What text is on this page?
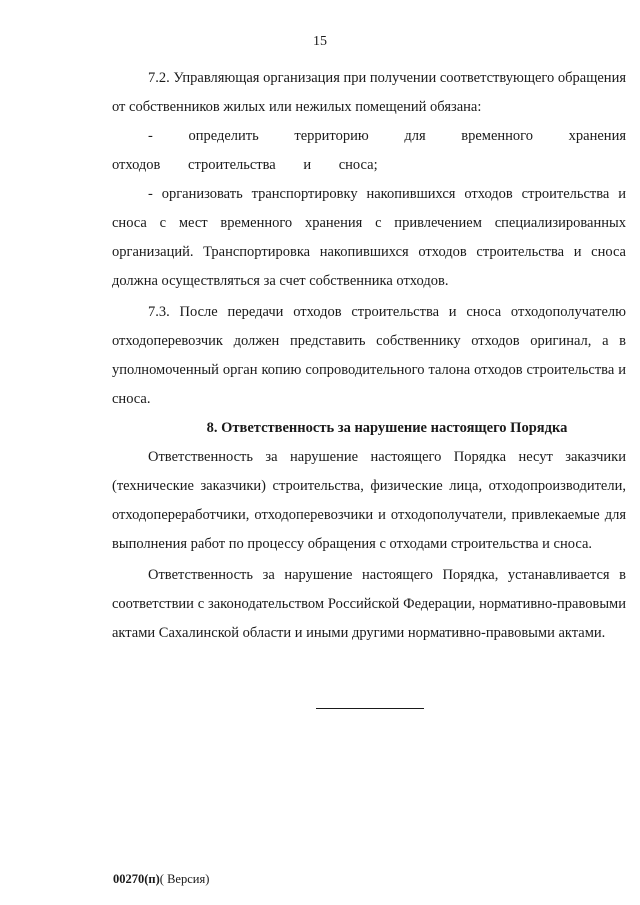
15

7.2. Управляющая организация при получении соответствующего обращения от собственников жилых или нежилых помещений обязана:

- определить территорию для временного хранения отходов строительства и сноса;

- организовать транспортировку накопившихся отходов строительства и сноса с мест временного хранения с привлечением специализированных организаций. Транспортировка накопившихся отходов строительства и сноса должна осуществляться за счет собственника отходов.

7.3. После передачи отходов строительства и сноса отходополучателю отходоперевозчик должен представить собственнику отходов оригинал, а в уполномоченный орган копию сопроводительного талона отходов строительства и сноса.

8. Ответственность за нарушение настоящего Порядка

Ответственность за нарушение настоящего Порядка несут заказчики (технические заказчики) строительства, физические лица, отходопроизводители, отходопереработчики, отходоперевозчики и отходополучатели, привлекаемые для выполнения работ по процессу обращения с отходами строительства и сноса.

Ответственность за нарушение настоящего Порядка, устанавливается в соответствии с законодательством Российской Федерации, нормативно-правовыми актами Сахалинской области и иными другими нормативно-правовыми актами.

00270(п)( Версия)
